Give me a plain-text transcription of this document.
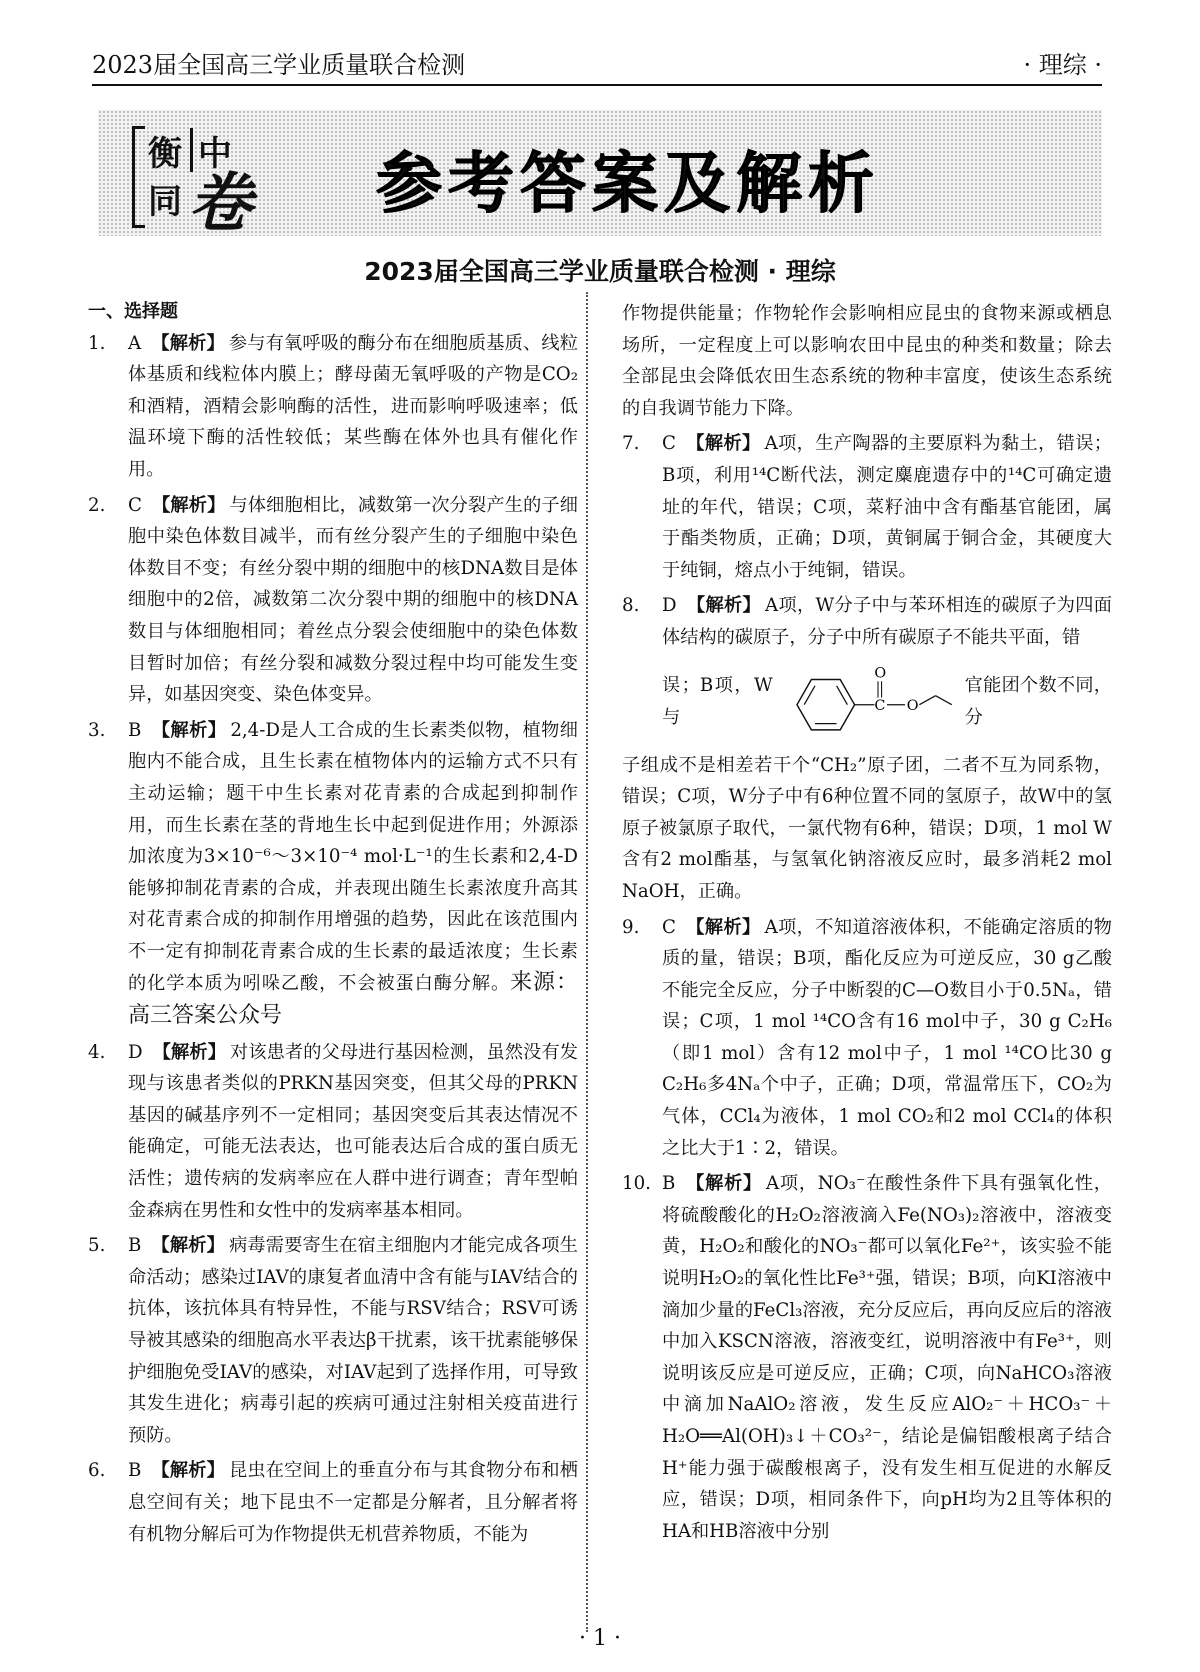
2023届全国高三学业质量联合检测	· 理综 ·
衡 中
同 卷 参考答案及解析
2023届全国高三学业质量联合检测 · 理综

一、选择题

1. A 【解析】 参与有氧呼吸的酶分布在细胞质基质、线粒体基质和线粒体内膜上；酵母菌无氧呼吸的产物是CO₂和酒精，酒精会影响酶的活性，进而影响呼吸速率；低温环境下酶的活性较低；某些酶在体外也具有催化作用。

2. C 【解析】 与体细胞相比，减数第一次分裂产生的子细胞中染色体数目减半，而有丝分裂产生的子细胞中染色体数目不变；有丝分裂中期的细胞中的核DNA数目是体细胞中的2倍，减数第二次分裂中期的细胞中的核DNA数目与体细胞相同；着丝点分裂会使细胞中的染色体数目暂时加倍；有丝分裂和减数分裂过程中均可能发生变异，如基因突变、染色体变异。

3. B 【解析】 2,4-D是人工合成的生长素类似物，植物细胞内不能合成，且生长素在植物体内的运输方式不只有主动运输；题干中生长素对花青素的合成起到抑制作用，而生长素在茎的背地生长中起到促进作用；外源添加浓度为3×10⁻⁶～3×10⁻⁴ mol·L⁻¹的生长素和2,4-D能够抑制花青素的合成，并表现出随生长素浓度升高其对花青素合成的抑制作用增强的趋势，因此在该范围内不一定有抑制花青素合成的生长素的最适浓度；生长素的化学本质为吲哚乙酸，不会被蛋白酶分解。来源：高三答案公众号

4. D 【解析】 对该患者的父母进行基因检测，虽然没有发现与该患者类似的PRKN基因突变，但其父母的PRKN基因的碱基序列不一定相同；基因突变后其表达情况不能确定，可能无法表达，也可能表达后合成的蛋白质无活性；遗传病的发病率应在人群中进行调查；青年型帕金森病在男性和女性中的发病率基本相同。

5. B 【解析】 病毒需要寄生在宿主细胞内才能完成各项生命活动；感染过IAV的康复者血清中含有能与IAV结合的抗体，该抗体具有特异性，不能与RSV结合；RSV可诱导被其感染的细胞高水平表达β干扰素，该干扰素能够保护细胞免受IAV的感染，对IAV起到了选择作用，可导致其发生进化；病毒引起的疾病可通过注射相关疫苗进行预防。

6. B 【解析】 昆虫在空间上的垂直分布与其食物分布和栖息空间有关；地下昆虫不一定都是分解者，且分解者将有机物分解后可为作物提供无机营养物质，不能为

作物提供能量；作物轮作会影响相应昆虫的食物来源或栖息场所，一定程度上可以影响农田中昆虫的种类和数量；除去全部昆虫会降低农田生态系统的物种丰富度，使该生态系统的自我调节能力下降。

7. C 【解析】 A项，生产陶器的主要原料为黏土，错误；B项，利用¹⁴C断代法，测定麋鹿遗存中的¹⁴C可确定遗址的年代，错误；C项，菜籽油中含有酯基官能团，属于酯类物质，正确；D项，黄铜属于铜合金，其硬度大于纯铜，熔点小于纯铜，错误。

8. D 【解析】 A项，W分子中与苯环相连的碳原子为四面体结构的碳原子，分子中所有碳原子不能共平面，错

误；B项，W与
C
O
O
官能团个数不同，分

子组成不是相差若干个“CH₂”原子团，二者不互为同系物，错误；C项，W分子中有6种位置不同的氢原子，故W中的氢原子被氯原子取代，一氯代物有6种，错误；D项，1 mol W含有2 mol酯基，与氢氧化钠溶液反应时，最多消耗2 mol NaOH，正确。

9. C 【解析】 A项，不知道溶液体积，不能确定溶质的物质的量，错误；B项，酯化反应为可逆反应，30 g乙酸不能完全反应，分子中断裂的C—O数目小于0.5Nₐ，错误；C项，1 mol ¹⁴CO含有16 mol中子，30 g C₂H₆（即1 mol）含有12 mol中子，1 mol ¹⁴CO比30 g C₂H₆多4Nₐ个中子，正确；D项，常温常压下，CO₂为气体，CCl₄为液体，1 mol CO₂和2 mol CCl₄的体积之比大于1∶2，错误。

10. B 【解析】 A项，NO₃⁻在酸性条件下具有强氧化性，将硫酸酸化的H₂O₂溶液滴入Fe(NO₃)₂溶液中，溶液变黄，H₂O₂和酸化的NO₃⁻都可以氧化Fe²⁺，该实验不能说明H₂O₂的氧化性比Fe³⁺强，错误；B项，向KI溶液中滴加少量的FeCl₃溶液，充分反应后，再向反应后的溶液中加入KSCN溶液，溶液变红，说明溶液中有Fe³⁺，则说明该反应是可逆反应，正确；C项，向NaHCO₃溶液中滴加NaAlO₂溶液，发生反应AlO₂⁻＋HCO₃⁻＋H₂O══Al(OH)₃↓＋CO₃²⁻，结论是偏铝酸根离子结合H⁺能力强于碳酸根离子，没有发生相互促进的水解反应，错误；D项，相同条件下，向pH均为2且等体积的HA和HB溶液中分别

· 1 ·
